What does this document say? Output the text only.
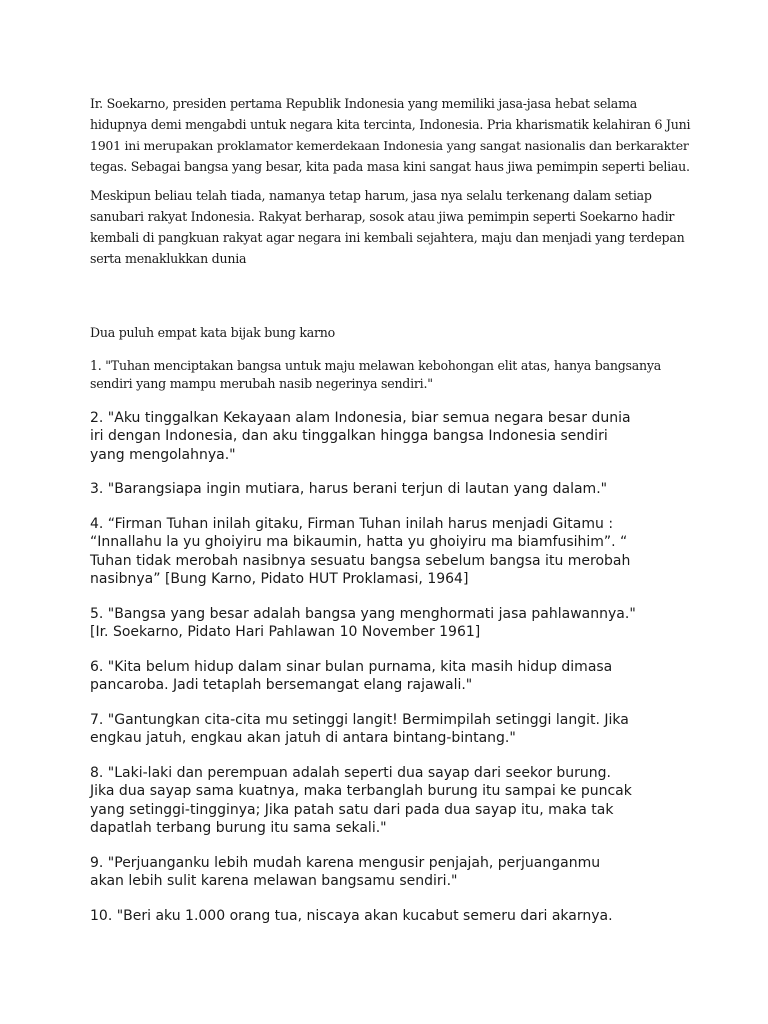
Ir. Soekarno, presiden pertama Republik Indonesia yang memiliki jasa-jasa hebat selama
hidupnya demi mengabdi untuk negara kita tercinta, Indonesia. Pria kharismatik kelahiran 6 Juni
1901 ini merupakan proklamator kemerdekaan Indonesia yang sangat nasionalis dan berkarakter
tegas. Sebagai bangsa yang besar, kita pada masa kini sangat haus jiwa pemimpin seperti beliau.

Meskipun beliau telah tiada, namanya tetap harum, jasa nya selalu terkenang dalam setiap
sanubari rakyat Indonesia. Rakyat berharap, sosok atau jiwa pemimpin seperti Soekarno hadir
kembali di pangkuan rakyat agar negara ini kembali sejahtera, maju dan menjadi yang terdepan
serta menaklukkan dunia

Dua puluh empat kata bijak bung karno

1. "Tuhan menciptakan bangsa untuk maju melawan kebohongan elit atas, hanya bangsanya
sendiri yang mampu merubah nasib negerinya sendiri."

2. "Aku tinggalkan Kekayaan alam Indonesia, biar semua negara besar dunia
iri dengan Indonesia, dan aku tinggalkan hingga bangsa Indonesia sendiri
yang mengolahnya."

3. "Barangsiapa ingin mutiara, harus berani terjun di lautan yang dalam."

4. “Firman Tuhan inilah gitaku, Firman Tuhan inilah harus menjadi Gitamu :
“Innallahu la yu ghoiyiru ma bikaumin, hatta yu ghoiyiru ma biamfusihim”. “
Tuhan tidak merobah nasibnya sesuatu bangsa sebelum bangsa itu merobah
nasibnya” [Bung Karno, Pidato HUT Proklamasi, 1964]

5. "Bangsa yang besar adalah bangsa yang menghormati jasa pahlawannya."
[Ir. Soekarno, Pidato Hari Pahlawan 10 November 1961]

6. "Kita belum hidup dalam sinar bulan purnama, kita masih hidup dimasa
pancaroba. Jadi tetaplah bersemangat elang rajawali."

7. "Gantungkan cita-cita mu setinggi langit! Bermimpilah setinggi langit. Jika
engkau jatuh, engkau akan jatuh di antara bintang-bintang."

8. "Laki-laki dan perempuan adalah seperti dua sayap dari seekor burung.
Jika dua sayap sama kuatnya, maka terbanglah burung itu sampai ke puncak
yang setinggi-tingginya; Jika patah satu dari pada dua sayap itu, maka tak
dapatlah terbang burung itu sama sekali."

9. "Perjuanganku lebih mudah karena mengusir penjajah, perjuanganmu
akan lebih sulit karena melawan bangsamu sendiri."

10. "Beri aku 1.000 orang tua, niscaya akan kucabut semeru dari akarnya.
